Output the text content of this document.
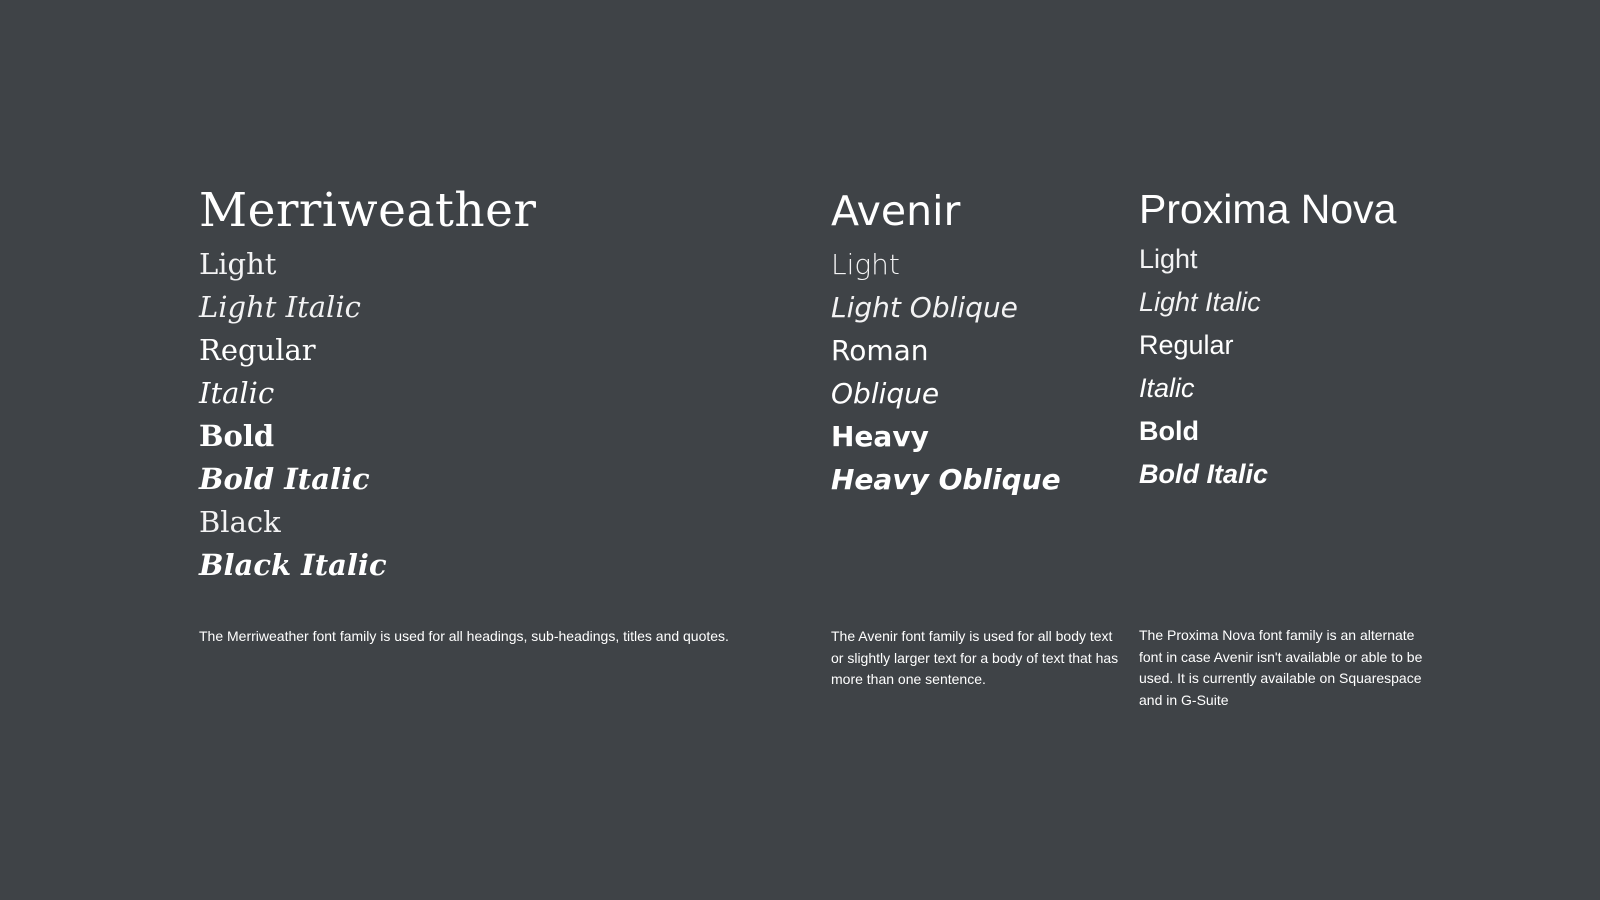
Merriweather
Light
Light Italic
Regular
Italic
Bold
Bold Italic
Black
Black Italic
Avenir
Light
Light Oblique
Roman
Oblique
Heavy
Heavy Oblique
Proxima Nova
Light
Light Italic
Regular
Italic
Bold
Bold Italic

The Merriweather font family is used for all headings, sub-headings, titles and quotes.	The Avenir font family is used for all body text or slightly larger text for a body of text that has more than one sentence.

The Proxima Nova font family is an alternate font in case Avenir isn't available or able to be used. It is currently available on Squarespace and in G-Suite
